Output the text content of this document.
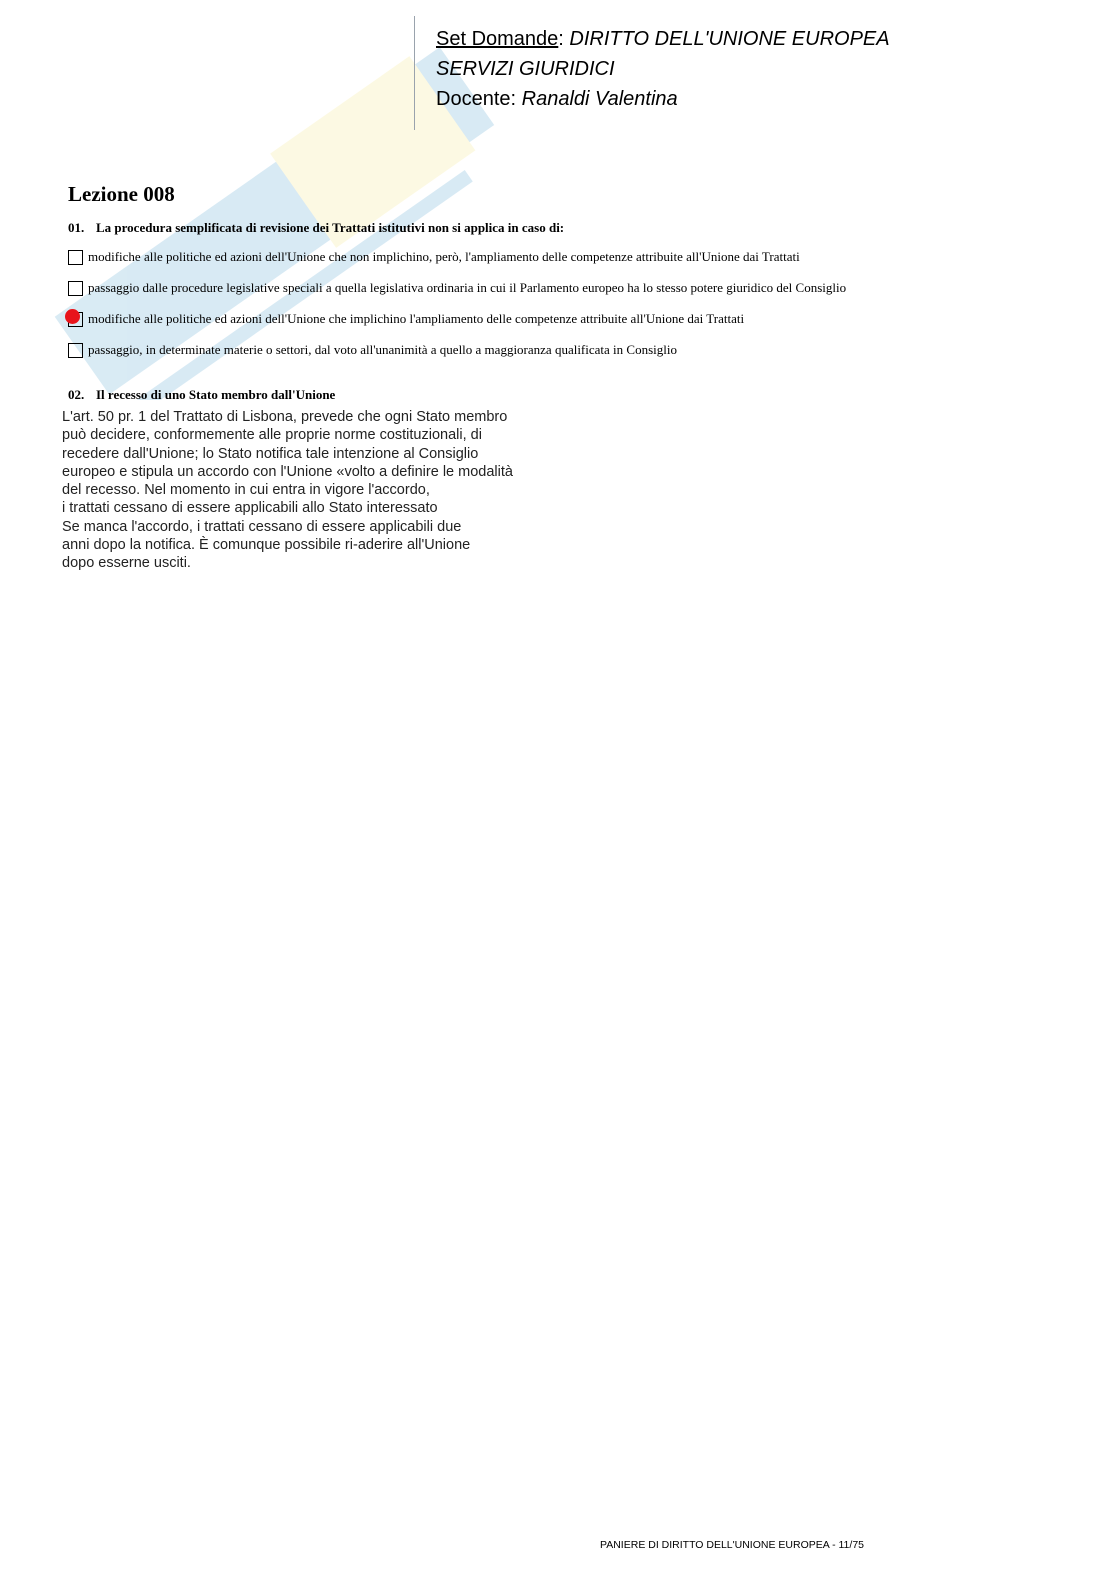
Set Domande: DIRITTO DELL'UNIONE EUROPEA
SERVIZI GIURIDICI
Docente: Ranaldi Valentina
Lezione 008
01. La procedura semplificata di revisione dei Trattati istitutivi non si applica in caso di:
modifiche alle politiche ed azioni dell'Unione che non implichino, però, l'ampliamento delle competenze attribuite all'Unione dai Trattati
passaggio dalle procedure legislative speciali a quella legislativa ordinaria in cui il Parlamento europeo ha lo stesso potere giuridico del Consiglio
modifiche alle politiche ed azioni dell'Unione che implichino l'ampliamento delle competenze attribuite all'Unione dai Trattati
passaggio, in determinate materie o settori, dal voto all'unanimità a quello a maggioranza qualificata in Consiglio
02. Il recesso di uno Stato membro dall'Unione
L'art. 50 pr. 1 del Trattato di Lisbona, prevede che ogni Stato membro
può decidere, conformemente alle proprie norme costituzionali, di
recedere dall'Unione; lo Stato notifica tale intenzione al Consiglio
europeo e stipula un accordo con l'Unione «volto a definire le modalità
del recesso. Nel momento in cui entra in vigore l'accordo,
i trattati cessano di essere applicabili allo Stato interessato
Se manca l'accordo, i trattati cessano di essere applicabili due
anni dopo la notifica. È comunque possibile ri-aderire all'Unione
dopo esserne usciti.
PANIERE DI DIRITTO DELL'UNIONE EUROPEA - 11/75
